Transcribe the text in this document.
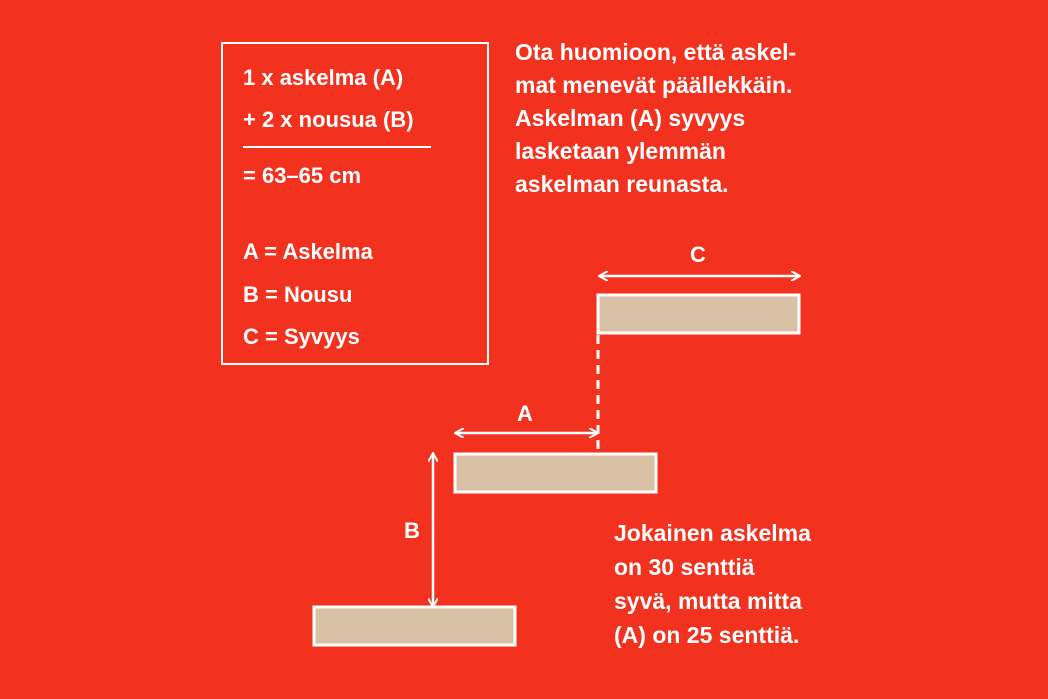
1 x askelma (A)
+ 2 x nousua (B)
= 63–65 cm
A = Askelma
B = Nousu
C = Syvyys
Ota huomioon, että askel-
mat menevät päällekkäin.
Askelman (A) syvyys
lasketaan ylemmän
askelman reunasta.
Jokainen askelma
on 30 senttiä
syvä, mutta mitta
(A) on 25 senttiä.
C
A
B
